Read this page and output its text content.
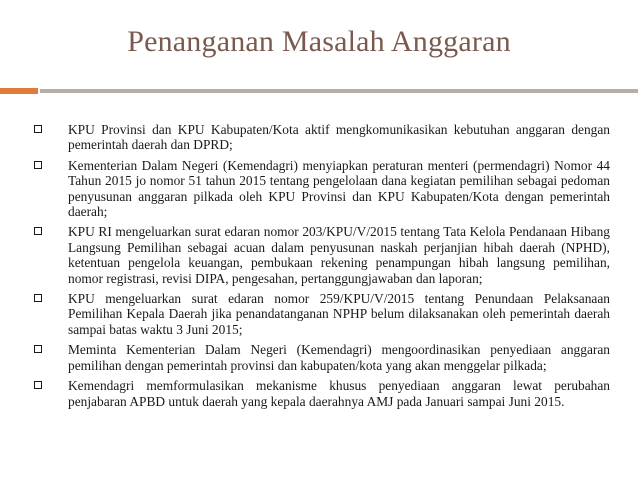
Penanganan Masalah Anggaran
KPU Provinsi dan KPU Kabupaten/Kota aktif mengkomunikasikan kebutuhan anggaran dengan pemerintah daerah dan DPRD;
Kementerian Dalam Negeri (Kemendagri) menyiapkan peraturan menteri (permendagri) Nomor 44 Tahun 2015 jo nomor 51 tahun 2015 tentang pengelolaan dana kegiatan pemilihan sebagai pedoman penyusunan anggaran pilkada oleh KPU Provinsi dan KPU Kabupaten/Kota dengan pemerintah daerah;
KPU RI mengeluarkan surat edaran nomor 203/KPU/V/2015 tentang Tata Kelola Pendanaan Hibang Langsung Pemilihan sebagai acuan dalam penyusunan naskah perjanjian hibah daerah (NPHD), ketentuan pengelola keuangan, pembukaan rekening penampungan hibah langsung pemilihan, nomor registrasi, revisi DIPA, pengesahan, pertanggungjawaban dan laporan;
KPU mengeluarkan surat edaran nomor 259/KPU/V/2015 tentang Penundaan Pelaksanaan Pemilihan Kepala Daerah jika penandatanganan NPHP belum dilaksanakan oleh pemerintah daerah sampai batas waktu 3 Juni 2015;
Meminta Kementerian Dalam Negeri (Kemendagri) mengoordinasikan penyediaan anggaran pemilihan dengan pemerintah provinsi dan kabupaten/kota yang akan menggelar pilkada;
Kemendagri memformulasikan mekanisme khusus penyediaan anggaran lewat perubahan penjabaran APBD untuk daerah yang kepala daerahnya AMJ pada Januari sampai Juni 2015.
